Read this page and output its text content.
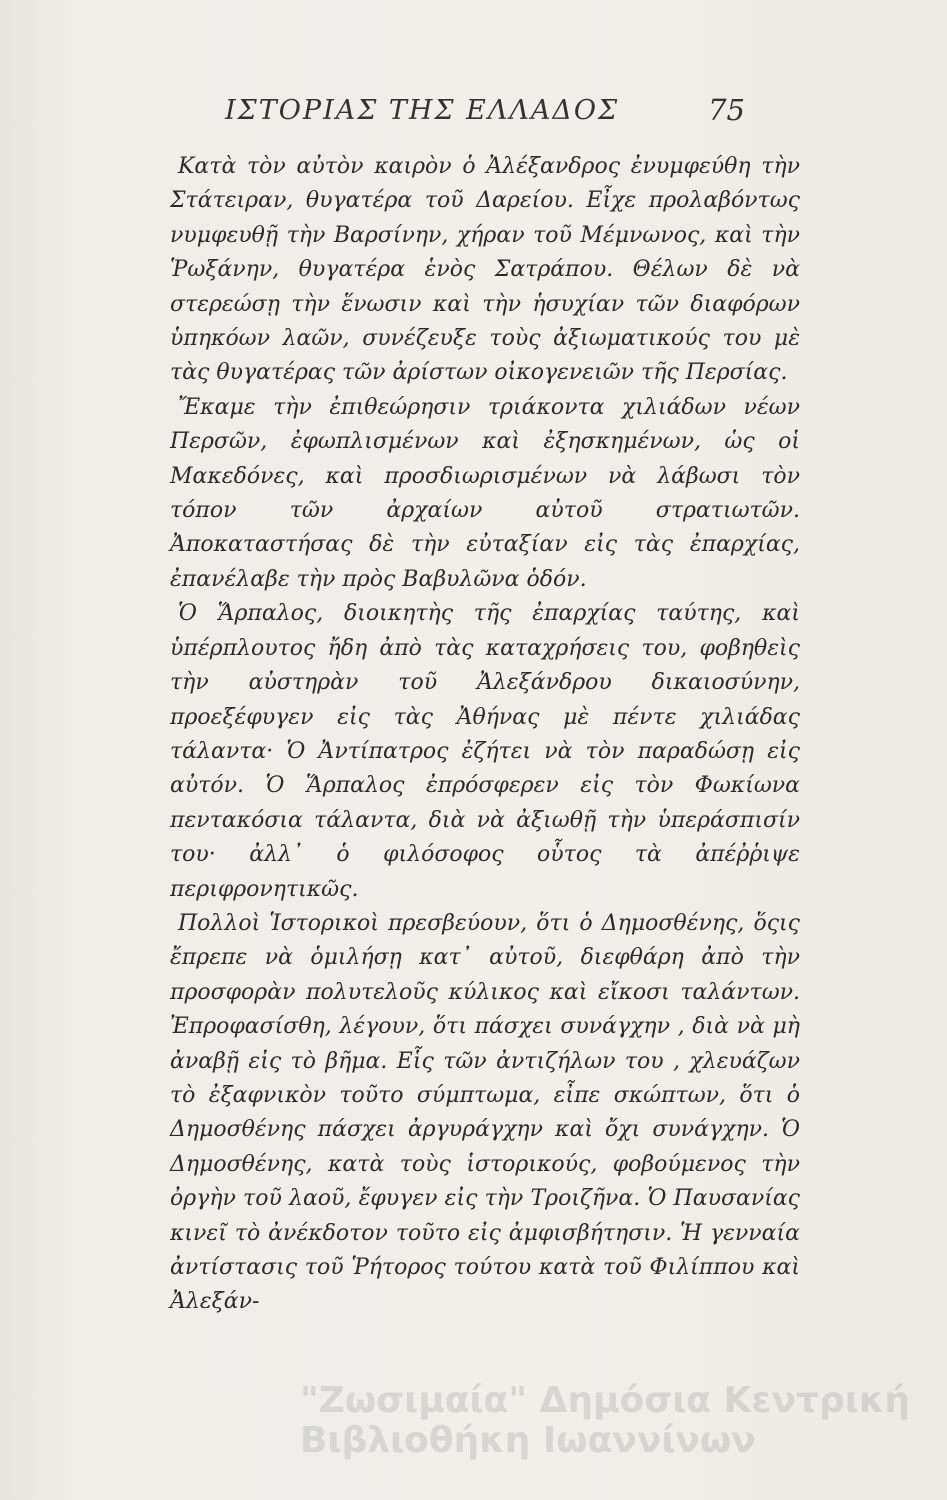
ΙΣΤΟΡΙΑΣ ΤΗΣ ΕΛΛΑΔΟΣ	75

Κατὰ τὸν αὐτὸν καιρὸν ὁ Ἀλέξανδρος ἐνυμφεύθη τὴν Στάτειραν, θυγατέρα τοῦ Δαρείου. Εἶχε προλαβόντως νυμφευθῇ τὴν Βαρσίνην, χήραν τοῦ Μέμνωνος, καὶ τὴν Ῥωξάνην, θυγατέρα ἑνὸς Σατράπου. Θέλων δὲ νὰ στερεώσῃ τὴν ἕνωσιν καὶ τὴν ἡσυχίαν τῶν διαφόρων ὑπηκόων λαῶν, συνέζευξε τοὺς ἀξιωματικούς του μὲ τὰς θυγατέρας τῶν ἀρίστων οἰκογενειῶν τῆς Περσίας.

Ἔκαμε τὴν ἐπιθεώρησιν τριάκοντα χιλιάδων νέων Περσῶν, ἐφωπλισμένων καὶ ἐξησκημένων, ὡς οἱ Μακεδόνες, καὶ προσδιωρισμένων νὰ λάβωσι τὸν τόπον τῶν ἀρχαίων αὐτοῦ στρατιωτῶν. Ἀποκαταστήσας δὲ τὴν εὐταξίαν εἰς τὰς ἐπαρχίας, ἐπανέλαβε τὴν πρὸς Βαβυλῶνα ὁδόν.

Ὁ Ἅρπαλος, διοικητὴς τῆς ἐπαρχίας ταύτης, καὶ ὑπέρπλουτος ἤδη ἀπὸ τὰς καταχρήσεις του, φοβηθεὶς τὴν αὐστηρὰν τοῦ Ἀλεξάνδρου δικαιοσύνην, προεξέφυγεν εἰς τὰς Ἀθήνας μὲ πέντε χιλιάδας τάλαντα· Ὁ Ἀντίπατρος ἐζήτει νὰ τὸν παραδώσῃ εἰς αὐτόν. Ὁ Ἅρπαλος ἐπρόσφερεν εἰς τὸν Φωκίωνα πεντακόσια τάλαντα, διὰ νὰ ἀξιωθῇ τὴν ὑπεράσπισίν του· ἀλλ᾽ ὁ φιλόσοφος οὗτος τὰ ἀπέῤῥιψε περιφρονητικῶς.

Πολλοὶ Ἱστορικοὶ πρεσβεύουν, ὅτι ὁ Δημοσθένης, ὅςις ἔπρεπε νὰ ὁμιλήσῃ κατ᾽ αὐτοῦ, διεφθάρη ἀπὸ τὴν προσφορὰν πολυτελοῦς κύλικος καὶ εἴκοσι ταλάντων. Ἐπροφασίσθη, λέγουν, ὅτι πάσχει συνάγχην , διὰ νὰ μὴ ἀναβῇ εἰς τὸ βῆμα. Εἷς τῶν ἀντιζήλων του , χλευάζων τὸ ἐξαφνικὸν τοῦτο σύμπτωμα, εἶπε σκώπτων, ὅτι ὁ Δημοσθένης πάσχει ἀργυράγχην καὶ ὄχι συνάγχην. Ὁ Δημοσθένης, κατὰ τοὺς ἱστορικούς, φοβούμενος τὴν ὀργὴν τοῦ λαοῦ, ἔφυγεν εἰς τὴν Τροιζῆνα. Ὁ Παυσανίας κινεῖ τὸ ἀνέκδοτον τοῦτο εἰς ἀμφισβήτησιν. Ἡ γενναία ἀντίστασις τοῦ Ῥήτορος τούτου κατὰ τοῦ Φιλίππου καὶ Ἀλεξάν-

"Ζωσιμαία" Δημόσια Κεντρική
Βιβλιοθήκη Ιωαννίνων
